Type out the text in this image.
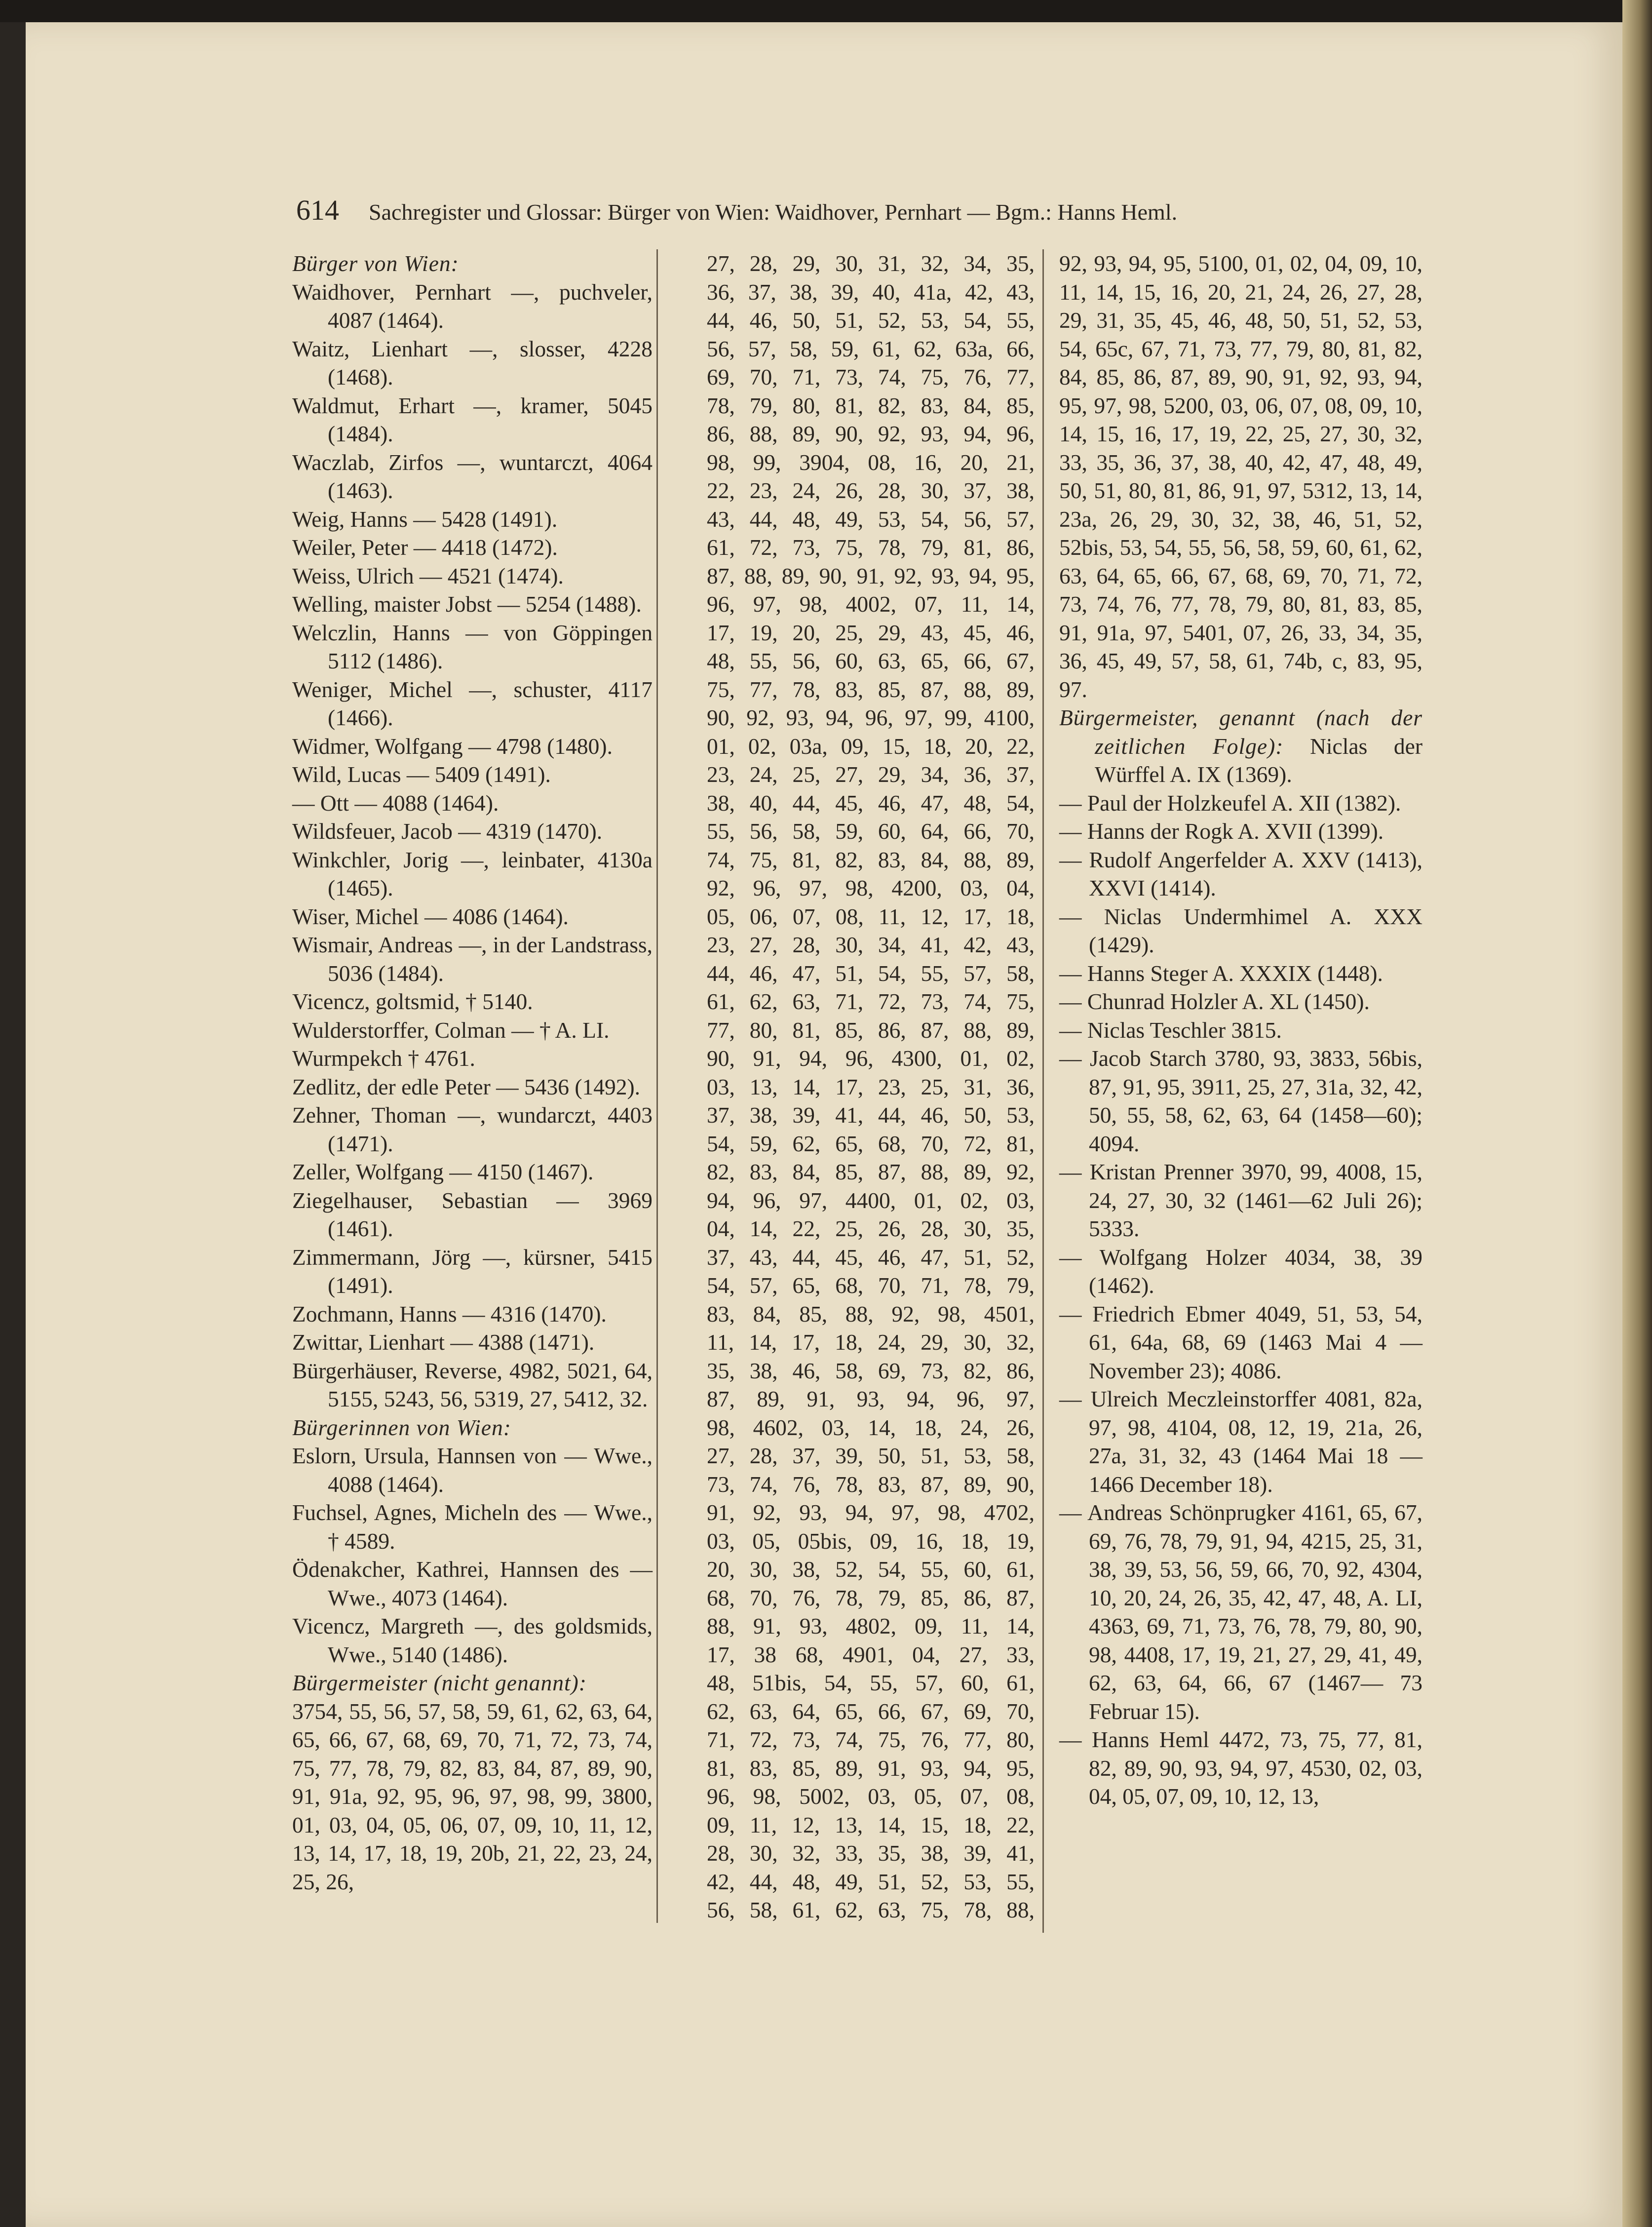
614 Sachregister und Glossar: Bürger von Wien: Waidhover, Pernhart — Bgm.: Hanns Heml.

Bürger von Wien:

Waidhover, Pernhart —, puchveler, 4087 (1464).

Waitz, Lienhart —, slosser, 4228 (1468).

Waldmut, Erhart —, kramer, 5045 (1484).

Waczlab, Zirfos —, wuntarczt, 4064 (1463).

Weig, Hanns — 5428 (1491).

Weiler, Peter — 4418 (1472).

Weiss, Ulrich — 4521 (1474).

Welling, maister Jobst — 5254 (1488).

Welczlin, Hanns — von Göppingen 5112 (1486).

Weniger, Michel —, schuster, 4117 (1466).

Widmer, Wolfgang — 4798 (1480).

Wild, Lucas — 5409 (1491).

— Ott — 4088 (1464).

Wildsfeuer, Jacob — 4319 (1470).

Winkchler, Jorig —, leinbater, 4130a (1465).

Wiser, Michel — 4086 (1464).

Wismair, Andreas —, in der Landstrass, 5036 (1484).

Vicencz, goltsmid, † 5140.

Wulderstorffer, Colman — † A. LI.

Wurmpekch † 4761.

Zedlitz, der edle Peter — 5436 (1492).

Zehner, Thoman —, wundarczt, 4403 (1471).

Zeller, Wolfgang — 4150 (1467).

Ziegelhauser, Sebastian — 3969 (1461).

Zimmermann, Jörg —, kürsner, 5415 (1491).

Zochmann, Hanns — 4316 (1470).

Zwittar, Lienhart — 4388 (1471).

Bürgerhäuser, Reverse, 4982, 5021, 64, 5155, 5243, 56, 5319, 27, 5412, 32.

Bürgerinnen von Wien:

Eslorn, Ursula, Hannsen von — Wwe., 4088 (1464).

Fuchsel, Agnes, Micheln des — Wwe., † 4589.

Ödenakcher, Kathrei, Hannsen des — Wwe., 4073 (1464).

Vicencz, Margreth —, des goldsmids, Wwe., 5140 (1486).

Bürgermeister (nicht genannt):

3754, 55, 56, 57, 58, 59, 61, 62, 63, 64, 65, 66, 67, 68, 69, 70, 71, 72, 73, 74, 75, 77, 78, 79, 82, 83, 84, 87, 89, 90, 91, 91a, 92, 95, 96, 97, 98, 99, 3800, 01, 03, 04, 05, 06, 07, 09, 10, 11, 12, 13, 14, 17, 18, 19, 20b, 21, 22, 23, 24, 25, 26,

27, 28, 29, 30, 31, 32, 34, 35,
36, 37, 38, 39, 40, 41a, 42, 43,
44, 46, 50, 51, 52, 53, 54, 55,
56, 57, 58, 59, 61, 62, 63a, 66,
69, 70, 71, 73, 74, 75, 76, 77,
78, 79, 80, 81, 82, 83, 84, 85,
86, 88, 89, 90, 92, 93, 94, 96,
98, 99, 3904, 08, 16, 20, 21,
22, 23, 24, 26, 28, 30, 37, 38,
43, 44, 48, 49, 53, 54, 56, 57,
61, 72, 73, 75, 78, 79, 81, 86,
87, 88, 89, 90, 91, 92, 93, 94, 95,
96, 97, 98, 4002, 07, 11, 14,
17, 19, 20, 25, 29, 43, 45, 46,
48, 55, 56, 60, 63, 65, 66, 67,
75, 77, 78, 83, 85, 87, 88, 89,
90, 92, 93, 94, 96, 97, 99, 4100,
01, 02, 03a, 09, 15, 18, 20, 22,
23, 24, 25, 27, 29, 34, 36, 37,
38, 40, 44, 45, 46, 47, 48, 54,
55, 56, 58, 59, 60, 64, 66, 70,
74, 75, 81, 82, 83, 84, 88, 89,
92, 96, 97, 98, 4200, 03, 04,
05, 06, 07, 08, 11, 12, 17, 18,
23, 27, 28, 30, 34, 41, 42, 43,
44, 46, 47, 51, 54, 55, 57, 58,
61, 62, 63, 71, 72, 73, 74, 75,
77, 80, 81, 85, 86, 87, 88, 89,
90, 91, 94, 96, 4300, 01, 02,
03, 13, 14, 17, 23, 25, 31, 36,
37, 38, 39, 41, 44, 46, 50, 53,
54, 59, 62, 65, 68, 70, 72, 81,
82, 83, 84, 85, 87, 88, 89, 92,
94, 96, 97, 4400, 01, 02, 03,
04, 14, 22, 25, 26, 28, 30, 35,
37, 43, 44, 45, 46, 47, 51, 52,
54, 57, 65, 68, 70, 71, 78, 79,
83, 84, 85, 88, 92, 98, 4501,
11, 14, 17, 18, 24, 29, 30, 32,
35, 38, 46, 58, 69, 73, 82, 86,
87, 89, 91, 93, 94, 96, 97,
98, 4602, 03, 14, 18, 24, 26,
27, 28, 37, 39, 50, 51, 53, 58,
73, 74, 76, 78, 83, 87, 89, 90,
91, 92, 93, 94, 97, 98, 4702,
03, 05, 05bis, 09, 16, 18, 19,
20, 30, 38, 52, 54, 55, 60, 61,
68, 70, 76, 78, 79, 85, 86, 87,
88, 91, 93, 4802, 09, 11, 14,
17, 38 68, 4901, 04, 27, 33,
48, 51bis, 54, 55, 57, 60, 61,
62, 63, 64, 65, 66, 67, 69, 70,
71, 72, 73, 74, 75, 76, 77, 80,
81, 83, 85, 89, 91, 93, 94, 95,
96, 98, 5002, 03, 05, 07, 08,
09, 11, 12, 13, 14, 15, 18, 22,
28, 30, 32, 33, 35, 38, 39, 41,
42, 44, 48, 49, 51, 52, 53, 55,
56, 58, 61, 62, 63, 75, 78, 88,

92, 93, 94, 95, 5100, 01, 02, 04, 09, 10, 11, 14, 15, 16, 20, 21, 24, 26, 27, 28, 29, 31, 35, 45, 46, 48, 50, 51, 52, 53, 54, 65c, 67, 71, 73, 77, 79, 80, 81, 82, 84, 85, 86, 87, 89, 90, 91, 92, 93, 94, 95, 97, 98, 5200, 03, 06, 07, 08, 09, 10, 14, 15, 16, 17, 19, 22, 25, 27, 30, 32, 33, 35, 36, 37, 38, 40, 42, 47, 48, 49, 50, 51, 80, 81, 86, 91, 97, 5312, 13, 14, 23a, 26, 29, 30, 32, 38, 46, 51, 52, 52bis, 53, 54, 55, 56, 58, 59, 60, 61, 62, 63, 64, 65, 66, 67, 68, 69, 70, 71, 72, 73, 74, 76, 77, 78, 79, 80, 81, 83, 85, 91, 91a, 97, 5401, 07, 26, 33, 34, 35, 36, 45, 49, 57, 58, 61, 74b, c, 83, 95, 97.

Bürgermeister, genannt (nach der zeitlichen Folge): Niclas der Würffel A. IX (1369).

— Paul der Holzkeufel A. XII (1382).

— Hanns der Rogk A. XVII (1399).

— Rudolf Angerfelder A. XXV (1413), XXVI (1414).

— Niclas Undermhimel A. XXX (1429).

— Hanns Steger A. XXXIX (1448).

— Chunrad Holzler A. XL (1450).

— Niclas Teschler 3815.

— Jacob Starch 3780, 93, 3833, 56bis, 87, 91, 95, 3911, 25, 27, 31a, 32, 42, 50, 55, 58, 62, 63, 64 (1458—60); 4094.

— Kristan Prenner 3970, 99, 4008, 15, 24, 27, 30, 32 (1461—62 Juli 26); 5333.

— Wolfgang Holzer 4034, 38, 39 (1462).

— Friedrich Ebmer 4049, 51, 53, 54, 61, 64a, 68, 69 (1463 Mai 4 — November 23); 4086.

— Ulreich Meczleinstorffer 4081, 82a, 97, 98, 4104, 08, 12, 19, 21a, 26, 27a, 31, 32, 43 (1464 Mai 18 — 1466 December 18).

— Andreas Schönprugker 4161, 65, 67, 69, 76, 78, 79, 91, 94, 4215, 25, 31, 38, 39, 53, 56, 59, 66, 70, 92, 4304, 10, 20, 24, 26, 35, 42, 47, 48, A. LI, 4363, 69, 71, 73, 76, 78, 79, 80, 90, 98, 4408, 17, 19, 21, 27, 29, 41, 49, 62, 63, 64, 66, 67 (1467— 73 Februar 15).

— Hanns Heml 4472, 73, 75, 77, 81, 82, 89, 90, 93, 94, 97, 4530, 02, 03, 04, 05, 07, 09, 10, 12, 13,
